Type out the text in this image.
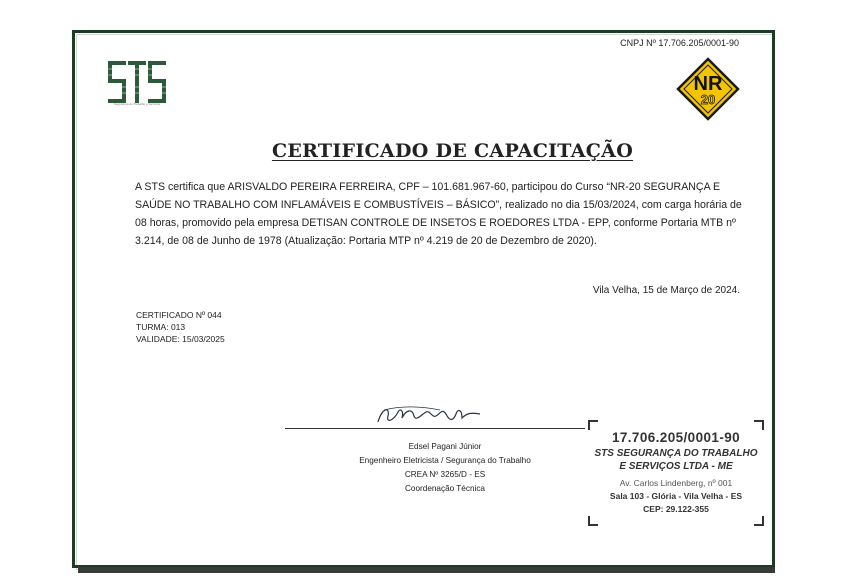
CNPJ Nº 17.706.205/0001-90
Segurança do Trabalho e Serviços
NR
20
CERTIFICADO DE CAPACITAÇÃO
A STS certifica que ARISVALDO PEREIRA FERREIRA, CPF – 101.681.967-60, participou do Curso “NR-20 SEGURANÇA E SAÚDE NO TRABALHO COM INFLAMÁVEIS E COMBUSTÍVEIS – BÁSICO”, realizado no dia 15/03/2024, com carga horária de 08 horas, promovido pela empresa DETISAN CONTROLE DE INSETOS E ROEDORES LTDA - EPP, conforme Portaria MTB nº 3.214, de 08 de Junho de 1978 (Atualização: Portaria MTP nº 4.219 de 20 de Dezembro de 2020).
Vila Velha, 15 de Março de 2024.
CERTIFICADO Nº 044
TURMA: 013
VALIDADE: 15/03/2025
Edsel Pagani Júnior
Engenheiro Eletricista / Segurança do Trabalho
CREA Nº 3265/D - ES
Coordenação Técnica
17.706.205/0001-90
STS SEGURANÇA DO TRABALHO
E SERVIÇOS LTDA - ME
Av. Carlos Lindenberg, nº 001
Sala 103 - Glória - Vila Velha - ES
CEP: 29.122-355
